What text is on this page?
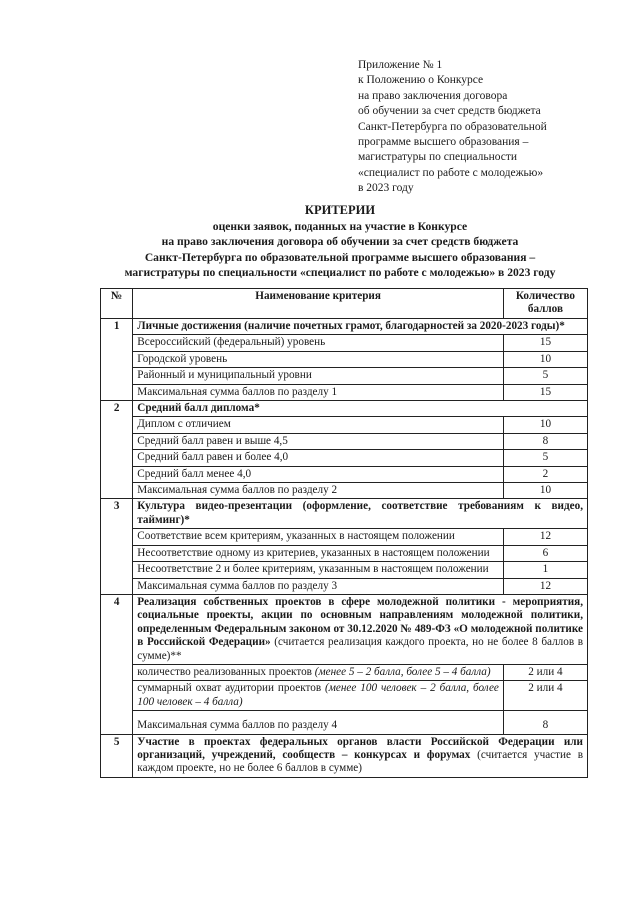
Приложение № 1
к Положению о Конкурсе
на право заключения договора
об обучении за счет средств бюджета
Санкт-Петербурга по образовательной
программе высшего образования –
магистратуры по специальности
«специалист по работе с молодежью»
в 2023 году
КРИТЕРИИ
оценки заявок, поданных на участие в Конкурсе
на право заключения договора об обучении за счет средств бюджета
Санкт-Петербурга по образовательной программе высшего образования –
магистратуры по специальности «специалист по работе с молодежью» в 2023 году
№	Наименование критерия	Количество баллов
1	Личные достижения (наличие почетных грамот, благодарностей за 2020-2023 годы)*	
	Всероссийский (федеральный) уровень	15
	Городской уровень	10
	Районный и муниципальный уровни	5
	Максимальная сумма баллов по разделу 1	15
2	Средний балл диплома*	
	Диплом с отличием	10
	Средний балл равен и выше 4,5	8
	Средний балл равен и более 4,0	5
	Средний балл менее 4,0	2
	Максимальная сумма баллов по разделу 2	10
3	Культура видео-презентации (оформление, соответствие требованиям к видео, тайминг)*	
	Соответствие всем критериям, указанных в настоящем положении	12
	Несоответствие одному из критериев, указанных в настоящем положении	6
	Несоответствие 2 и более критериям, указанным в настоящем положении	1
	Максимальная сумма баллов по разделу 3	12
4	Реализация собственных проектов в сфере молодежной политики - мероприятия, социальные проекты, акции по основным направлениям молодежной политики, определенным Федеральным законом от 30.12.2020 № 489-ФЗ «О молодежной политике в Российской Федерации» (считается реализация каждого проекта, но не более 8 баллов в сумме)**	
	количество реализованных проектов (менее 5 – 2 балла, более 5 – 4 балла)	2 или 4
	суммарный охват аудитории проектов (менее 100 человек – 2 балла, более 100 человек – 4 балла)	2 или 4
	Максимальная сумма баллов по разделу 4	8
5	Участие в проектах федеральных органов власти Российской Федерации или организаций, учреждений, сообществ – конкурсах и форумах (считается участие в каждом проекте, но не более 6 баллов в сумме)	
